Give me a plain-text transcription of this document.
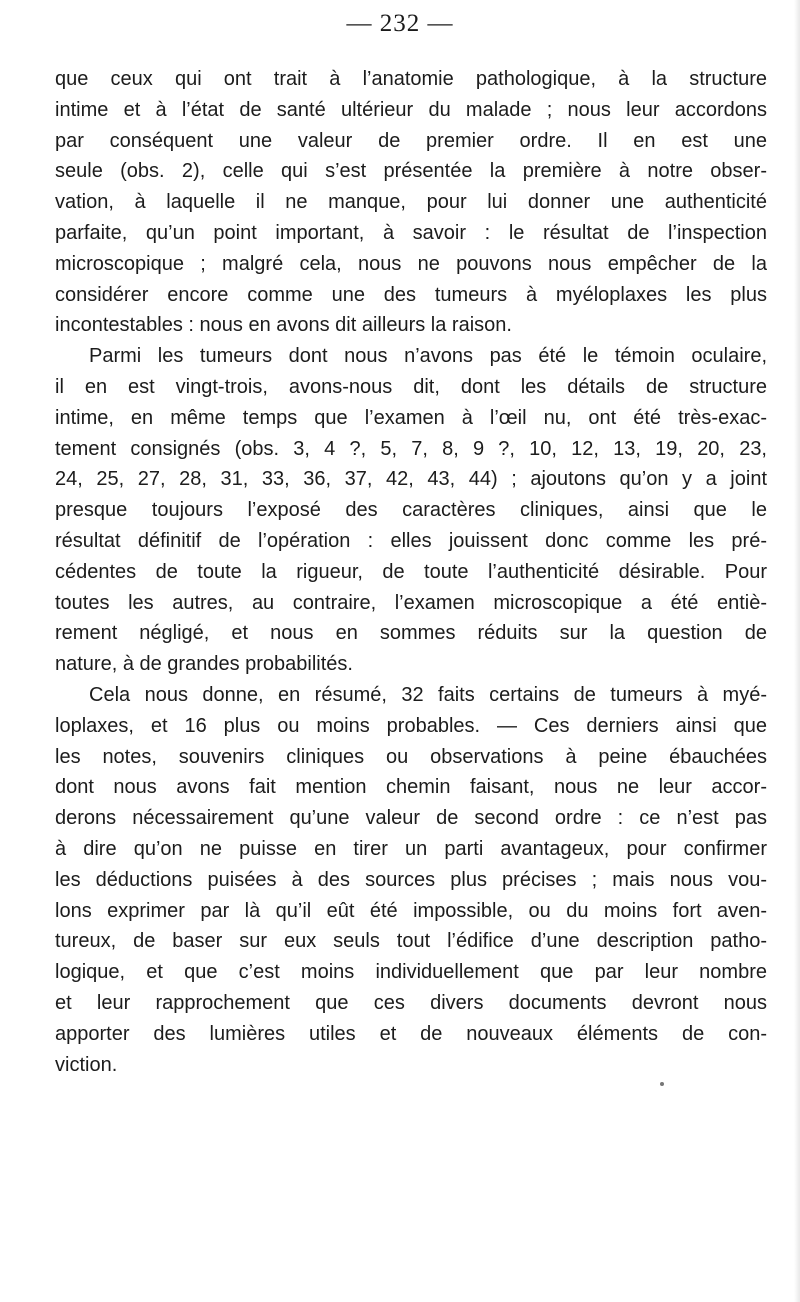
— 232 —
que ceux qui ont trait à l’anatomie pathologique, à la structure
intime et à l’état de santé ultérieur du malade ; nous leur accordons
par conséquent une valeur de premier ordre. Il en est une
seule (obs. 2), celle qui s’est présentée la première à notre obser-
vation, à laquelle il ne manque, pour lui donner une authenticité
parfaite, qu’un point important, à savoir : le résultat de l’inspection
microscopique ; malgré cela, nous ne pouvons nous empêcher de la
considérer encore comme une des tumeurs à myéloplaxes les plus
incontestables : nous en avons dit ailleurs la raison.
Parmi les tumeurs dont nous n’avons pas été le témoin oculaire,
il en est vingt-trois, avons-nous dit, dont les détails de structure
intime, en même temps que l’examen à l’œil nu, ont été très-exac-
tement consignés (obs. 3, 4 ?, 5, 7, 8, 9 ?, 10, 12, 13, 19, 20, 23,
24, 25, 27, 28, 31, 33, 36, 37, 42, 43, 44) ; ajoutons qu’on y a joint
presque toujours l’exposé des caractères cliniques, ainsi que le
résultat définitif de l’opération : elles jouissent donc comme les pré-
cédentes de toute la rigueur, de toute l’authenticité désirable. Pour
toutes les autres, au contraire, l’examen microscopique a été entiè-
rement négligé, et nous en sommes réduits sur la question de
nature, à de grandes probabilités.
Cela nous donne, en résumé, 32 faits certains de tumeurs à myé-
loplaxes, et 16 plus ou moins probables. — Ces derniers ainsi que
les notes, souvenirs cliniques ou observations à peine ébauchées
dont nous avons fait mention chemin faisant, nous ne leur accor-
derons nécessairement qu’une valeur de second ordre : ce n’est pas
à dire qu’on ne puisse en tirer un parti avantageux, pour confirmer
les déductions puisées à des sources plus précises ; mais nous vou-
lons exprimer par là qu’il eût été impossible, ou du moins fort aven-
tureux, de baser sur eux seuls tout l’édifice d’une description patho-
logique, et que c’est moins individuellement que par leur nombre
et leur rapprochement que ces divers documents devront nous
apporter des lumières utiles et de nouveaux éléments de con-
viction.
